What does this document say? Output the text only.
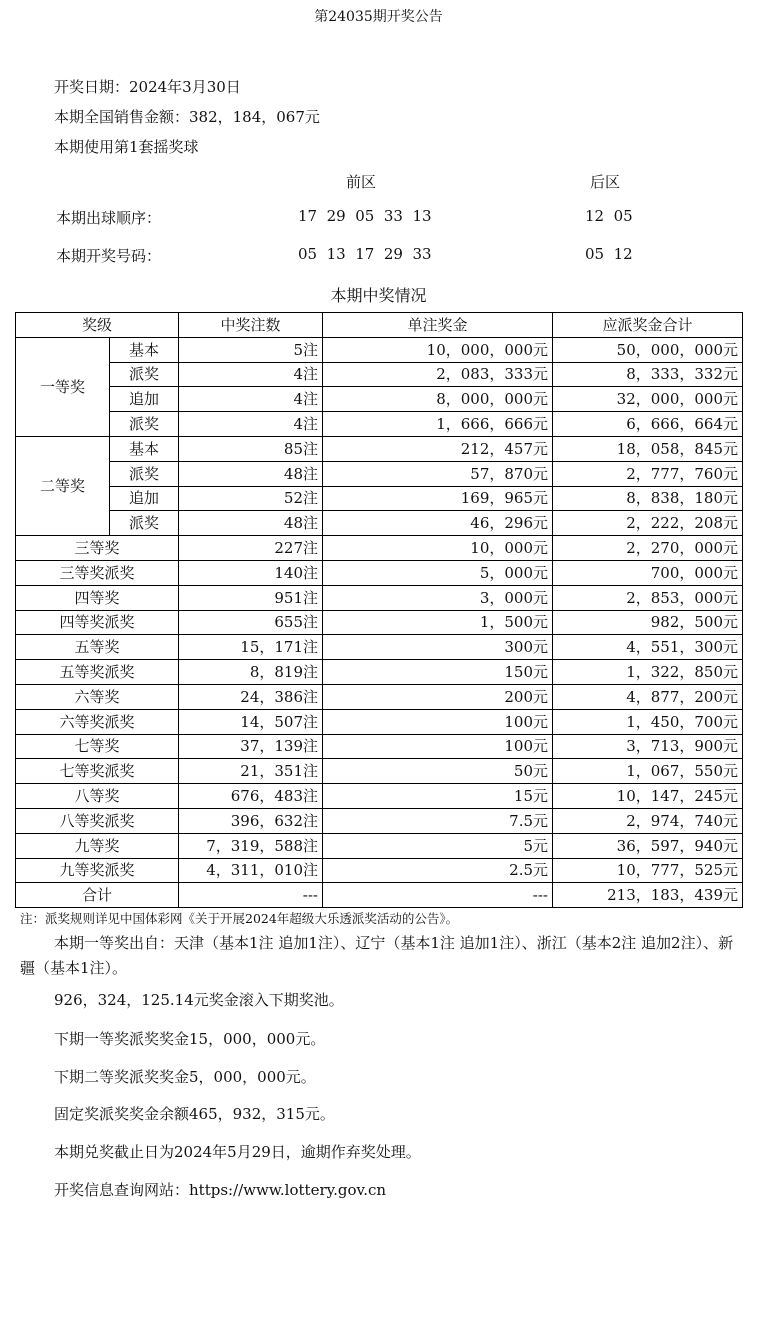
第24035期开奖公告
开奖日期：2024年3月30日
本期全国销售金额：382，184，067元
本期使用第1套摇奖球
前区	后区
本期出球顺序：	17  29  05  33  13	12  05
本期开奖号码：	05  13  17  29  33	05  12
本期中奖情况
奖级		中奖注数	单注奖金	应派奖金合计
一等奖	基本	5注	10，000，000元	50，000，000元
	派奖	4注	2，083，333元	8，333，332元
	追加	4注	8，000，000元	32，000，000元
	派奖	4注	1，666，666元	6，666，664元
二等奖	基本	85注	212，457元	18，058，845元
	派奖	48注	57，870元	2，777，760元
	追加	52注	169，965元	8，838，180元
	派奖	48注	46，296元	2，222，208元
三等奖		227注	10，000元	2，270，000元
三等奖派奖		140注	5，000元	700，000元
四等奖		951注	3，000元	2，853，000元
四等奖派奖		655注	1，500元	982，500元
五等奖		15，171注	300元	4，551，300元
五等奖派奖		8，819注	150元	1，322，850元
六等奖		24，386注	200元	4，877，200元
六等奖派奖		14，507注	100元	1，450，700元
七等奖		37，139注	100元	3，713，900元
七等奖派奖		21，351注	50元	1，067，550元
八等奖		676，483注	15元	10，147，245元
八等奖派奖		396，632注	7.5元	2，974，740元
九等奖		7，319，588注	5元	36，597，940元
九等奖派奖		4，311，010注	2.5元	10，777，525元
合计		---	---	213，183，439元
注：派奖规则详见中国体彩网《关于开展2024年超级大乐透派奖活动的公告》。
本期一等奖出自：天津（基本1注 追加1注）、辽宁（基本1注 追加1注）、浙江（基本2注 追加2注）、新疆（基本1注）。
926，324，125.14元奖金滚入下期奖池。
下期一等奖派奖奖金15，000，000元。
下期二等奖派奖奖金5，000，000元。
固定奖派奖奖金余额465，932，315元。
本期兑奖截止日为2024年5月29日，逾期作弃奖处理。
开奖信息查询网站：https://www.lottery.gov.cn
